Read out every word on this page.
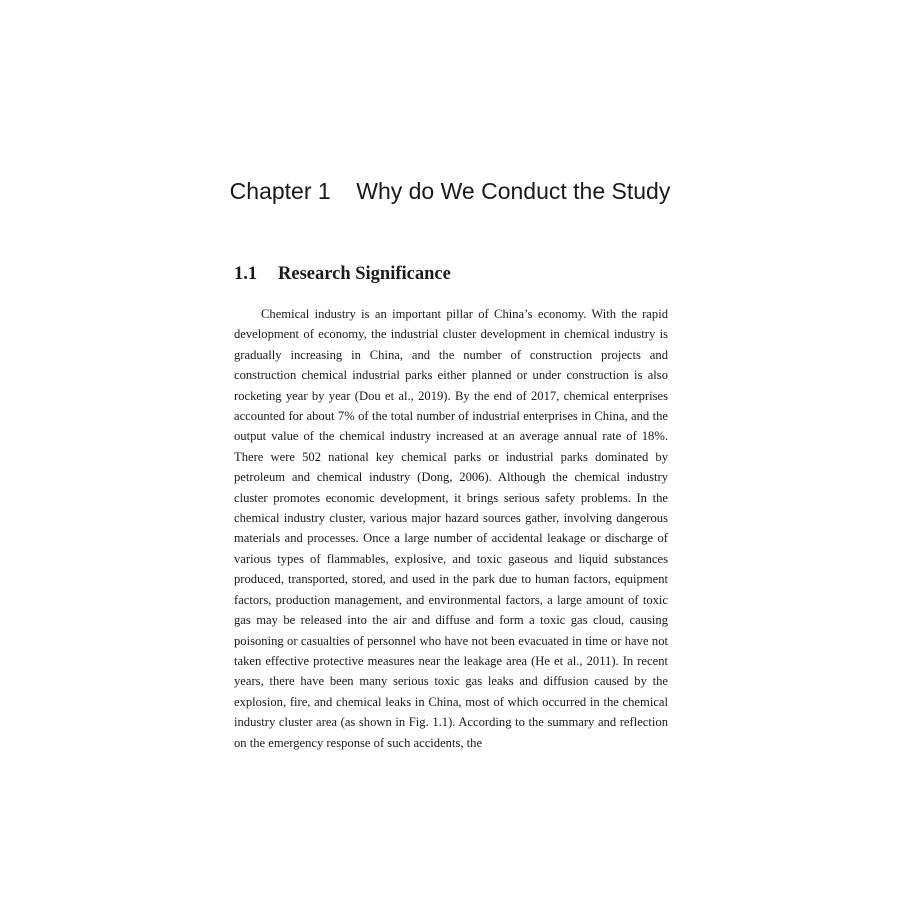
Chapter 1 Why do We Conduct the Study
1.1 Research Significance

Chemical industry is an important pillar of China’s economy. With the rapid development of economy, the industrial cluster development in chemical industry is gradually increasing in China, and the number of construction projects and construction chemical industrial parks either planned or under construction is also rocketing year by year (Dou et al., 2019). By the end of 2017, chemical enterprises accounted for about 7% of the total number of industrial enterprises in China, and the output value of the chemical industry increased at an average annual rate of 18%. There were 502 national key chemical parks or industrial parks dominated by petroleum and chemical industry (Dong, 2006). Although the chemical industry cluster promotes economic development, it brings serious safety problems. In the chemical industry cluster, various major hazard sources gather, involving dangerous materials and processes. Once a large number of accidental leakage or discharge of various types of flammables, explosive, and toxic gaseous and liquid substances produced, transported, stored, and used in the park due to human factors, equipment factors, production management, and environmental factors, a large amount of toxic gas may be released into the air and diffuse and form a toxic gas cloud, causing poisoning or casualties of personnel who have not been evacuated in time or have not taken effective protective measures near the leakage area (He et al., 2011). In recent years, there have been many serious toxic gas leaks and diffusion caused by the explosion, fire, and chemical leaks in China, most of which occurred in the chemical industry cluster area (as shown in Fig. 1.1). According to the summary and reflection on the emergency response of such accidents, the
